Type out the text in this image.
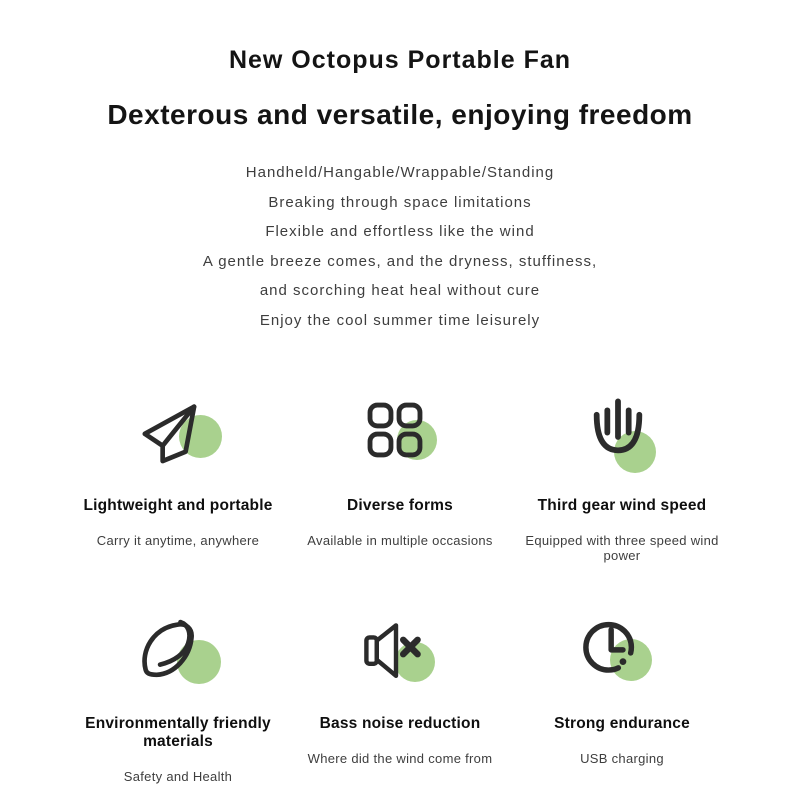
New Octopus Portable Fan
Dexterous and versatile, enjoying freedom
Handheld/Hangable/Wrappable/Standing
Breaking through space limitations
Flexible and effortless like the wind
A gentle breeze comes, and the dryness, stuffiness,
and scorching heat heal without cure
Enjoy the cool summer time leisurely
Lightweight and portable
Carry it anytime, anywhere
Diverse forms
Available in multiple occasions
Third gear wind speed
Equipped with three speed wind power
Environmentally friendly materials
Safety and Health
Bass noise reduction
Where did the wind come from
Strong endurance
USB charging
